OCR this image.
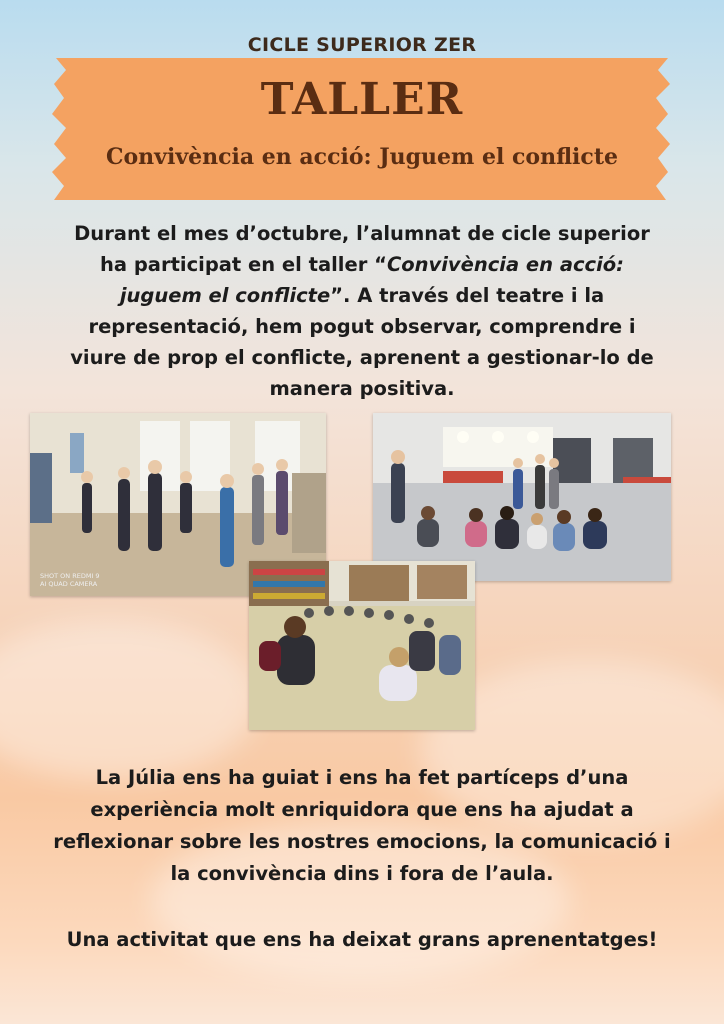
CICLE SUPERIOR ZER
TALLER
Convivència en acció: Juguem el conflicte
Durant el mes d’octubre, l’alumnat de cicle superior ha participat en el taller “Convivència en acció: juguem el conflicte”. A través del teatre i la representació, hem pogut observar, comprendre i viure de prop el conflicte, aprenent a gestionar-lo de manera positiva.
SHOT ON REDMI 9
AI QUAD CAMERA
La Júlia ens ha guiat i ens ha fet partíceps d’una experiència molt enriquidora que ens ha ajudat a reflexionar sobre les nostres emocions, la comunicació i la convivència dins i fora de l’aula.
Una activitat que ens ha deixat grans aprenentatges!
